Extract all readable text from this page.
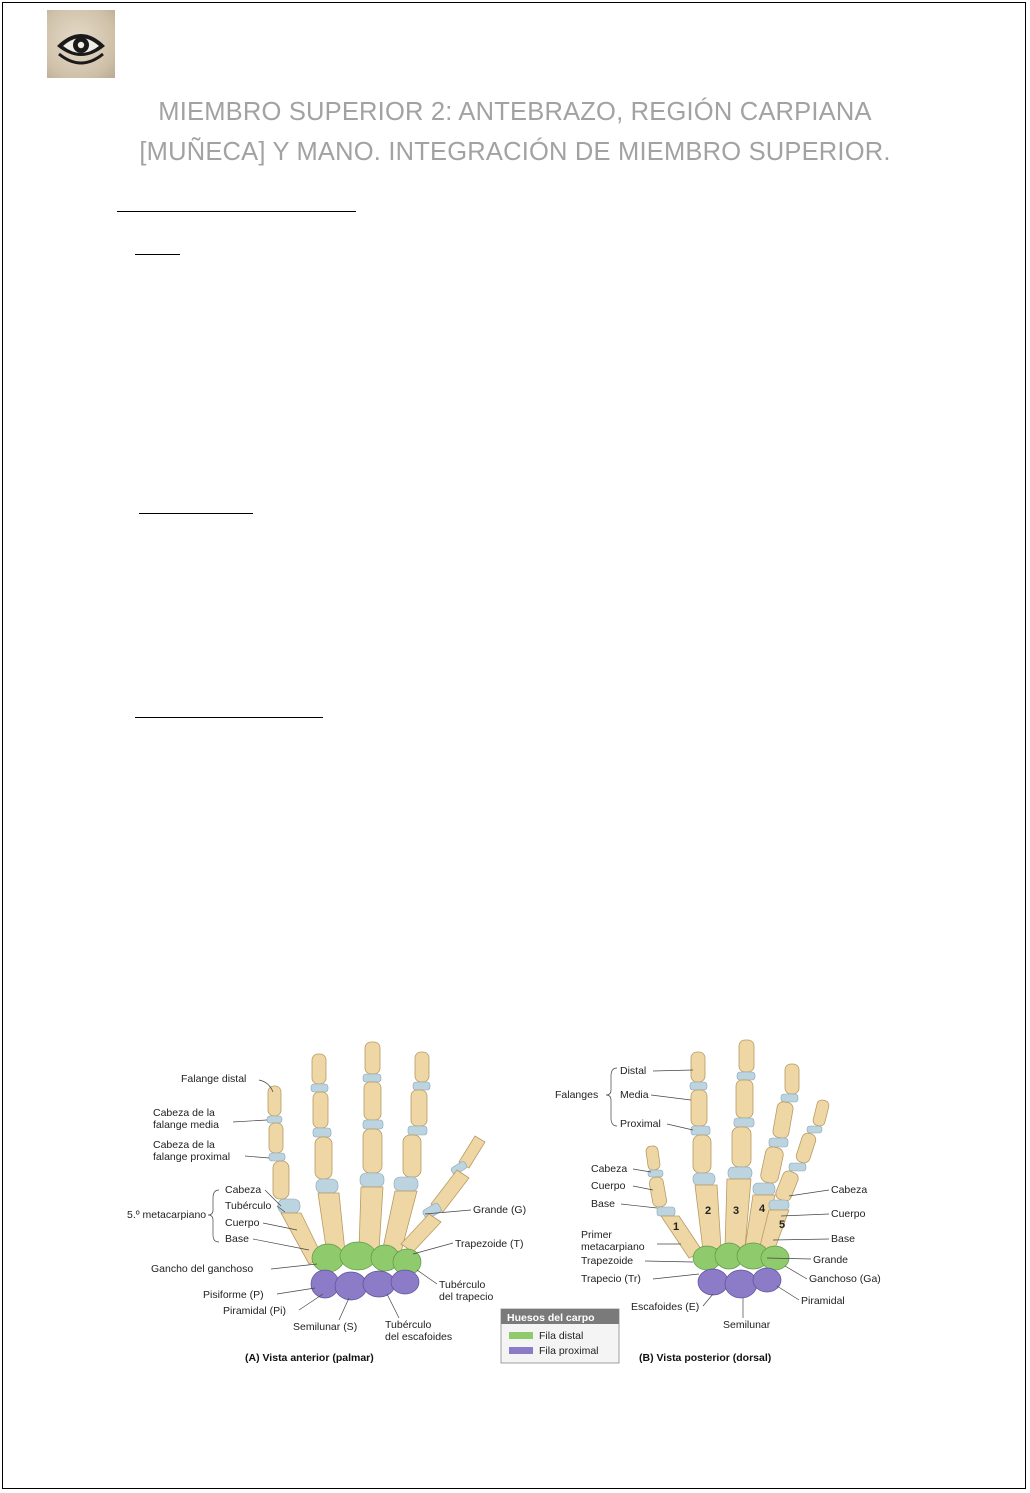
MIEMBRO SUPERIOR 2: ANTEBRAZO, REGIÓN CARPIANA
[MUÑECA] Y MANO. INTEGRACIÓN DE MIEMBRO SUPERIOR.
Falange distal
Cabeza de la
falange media
Cabeza de la
falange proximal
5.º metacarpiano
Cabeza
Tubérculo
Cuerpo
Base
Gancho del ganchoso
Pisiforme (P)
Piramidal (Pi)
Semilunar (S)	Tubérculo
del escafoides
Tubérculo
del trapecio
Trapezoide (T)
Grande (G)
(A) Vista anterior (palmar)
Huesos del carpo
Fila distal
Fila proximal
1
2 3 4
5
Distal
Media
Proximal
Falanges
Cabeza
Cuerpo
Base
Primer
metacarpiano
Trapezoide
Trapecio (Tr)
Escafoides (E)
Semilunar
Piramidal
Ganchoso (Ga)
Grande
Base
Cuerpo
Cabeza
(B) Vista posterior (dorsal)
